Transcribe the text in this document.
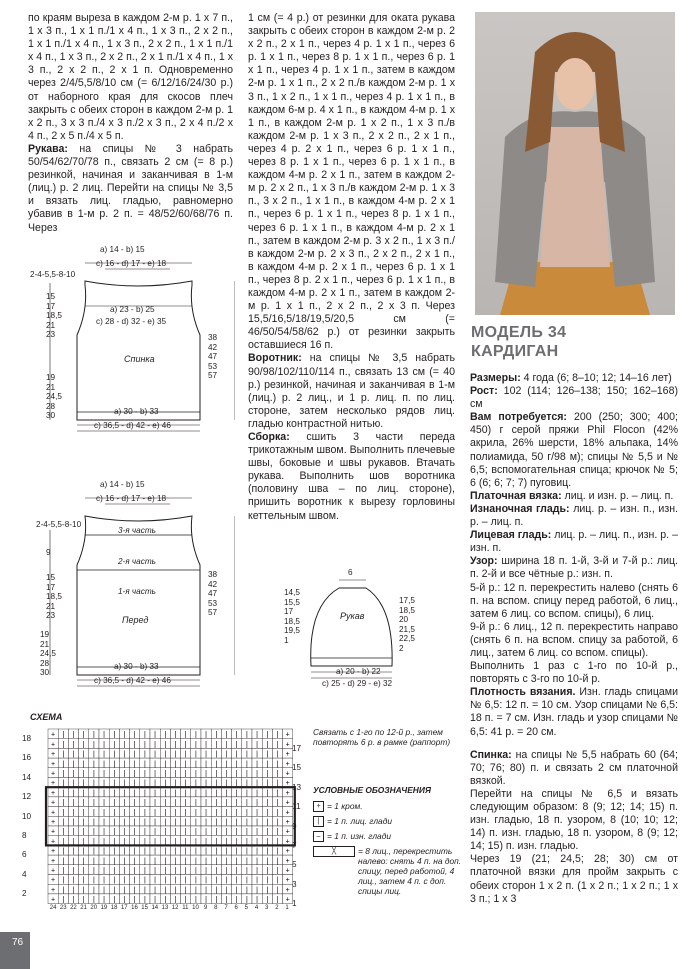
по краям выреза в каждом 2-м р. 1 х 7 п., 1 х 3 п., 1 х 1 п./1 х 4 п., 1 х 3 п., 2 х 2 п., 1 х 1 п./1 х 4 п., 1 х 3 п., 2 х 2 п., 1 х 1 п./1 х 4 п., 1 х 3 п., 2 х 2 п., 2 х 1 п./1 х 4 п., 1 х 3 п., 2 х 2 п., 2 х 1 п. Одновременно через 2/4/5,5/8/10 см (= 6/12/16/24/30 р.) от наборного края для скосов плеч закрыть с обеих сторон в каждом 2-м р. 1 х 2 п., 3 х 3 п./4 х 3 п./2 х 3 п., 2 х 4 п./2 х 4 п., 2 х 5 п./4 х 5 п.

Рукава: на спицы № 3 набрать 50/54/62/70/78 п., связать 2 см (= 8 р.) резинкой, начиная и заканчивая в 1-м (лиц.) р. 2 лиц. Перейти на спицы № 3,5 и вязать лиц. гладью, равномерно убавив в 1-м р. 2 п. = 48/52/60/68/76 п. Через

1 см (= 4 р.) от резинки для оката рукава закрыть с обеих сторон в каждом 2-м р. 2 х 2 п., 2 х 1 п., через 4 р. 1 х 1 п., через 6 р. 1 х 1 п., через 8 р. 1 х 1 п., через 6 р. 1 х 1 п., через 4 р. 1 х 1 п., затем в каждом 2-м р. 1 х 1 п., 2 х 2 п./в каждом 2-м р. 1 х 3 п., 1 х 2 п., 1 х 1 п., через 4 р. 1 х 1 п., в каждом 6-м р. 4 х 1 п., в каждом 4-м р. 1 х 1 п., в каждом 2-м р. 1 х 2 п., 1 х 3 п./в каждом 2-м р. 1 х 3 п., 2 х 2 п., 2 х 1 п., через 4 р. 2 х 1 п., через 6 р. 1 х 1 п., через 8 р. 1 х 1 п., через 6 р. 1 х 1 п., в каждом 4-м р. 2 х 1 п., затем в каждом 2-м р. 2 х 2 п., 1 х 3 п./в каждом 2-м р. 1 х 3 п., 3 х 2 п., 1 х 1 п., в каждом 4-м р. 2 х 1 п., через 6 р. 1 х 1 п., через 8 р. 1 х 1 п., через 6 р. 1 х 1 п., в каждом 4-м р. 2 х 1 п., затем в каждом 2-м р. 3 х 2 п., 1 х 3 п./в каждом 2-м р. 2 х 3 п., 2 х 2 п., 2 х 1 п., в каждом 4-м р. 2 х 1 п., через 6 р. 1 х 1 п., через 8 р. 2 х 1 п., через 6 р. 1 х 1 п., в каждом 4-м р. 2 х 1 п., затем в каждом 2-м р. 1 х 1 п., 2 х 2 п., 2 х 3 п. Через 15,5/16,5/18/19,5/20,5 см (= 46/50/54/58/62 р.) от резинки закрыть оставшиеся 16 п.

Воротник: на спицы № 3,5 набрать 90/98/102/110/114 п., связать 13 см (= 40 р.) резинкой, начиная и заканчивая в 1-м (лиц.) р. 2 лиц., и 1 р. лиц. п. по лиц. стороне, затем несколько рядов лиц. гладью контрастной нитью.

Сборка: сшить 3 части переда трикотажным швом. Выполнить плечевые швы, боковые и швы рукавов. Втачать рукава. Выполнить шов воротника (половину шва – по лиц. стороне), пришить воротник к вырезу горловины кеттельным швом.

МОДЕЛЬ 34
КАРДИГАН

Размеры: 4 года (6; 8–10; 12; 14–16 лет)

Рост: 102 (114; 126–138; 150; 162–168) см

Вам потребуется: 200 (250; 300; 400; 450) г серой пряжи Phil Flocon (42% акрила, 26% шерсти, 18% альпака, 14% полиамида, 50 г/98 м); спицы № 5,5 и № 6,5; вспомогательная спица; крючок № 5; 6 (6; 6; 7; 7) пуговиц.

Платочная вязка: лиц. и изн. р. – лиц. п.

Изнаночная гладь: лиц. р. – изн. п., изн. р. – лиц. п.

Лицевая гладь: лиц. р. – лиц. п., изн. р. – изн. п.

Узор: ширина 18 п. 1-й, 3-й и 7-й р.: лиц. п. 2-й и все чётные р.: изн. п.

5-й р.: 12 п. перекрестить налево (снять 6 п. на вспом. спицу перед работой, 6 лиц., затем 6 лиц. со вспом. спицы), 6 лиц.

9-й р.: 6 лиц., 12 п. перекрестить направо (снять 6 п. на вспом. спицу за работой, 6 лиц., затем 6 лиц. со вспом. спицы).

Выполнить 1 раз с 1-го по 10-й р., повторять с 3-го по 10-й р.

Плотность вязания. Изн. гладь спицами № 6,5: 12 п. = 10 см. Узор спицами № 6,5: 18 п. = 7 см. Изн. гладь и узор спицами № 6,5: 41 р. = 20 см.

Спинка: на спицы № 5,5 набрать 60 (64; 70; 76; 80) п. и связать 2 см платочной вязкой.

Перейти на спицы № 6,5 и вязать следующим образом: 8 (9; 12; 14; 15) п. изн. гладью, 18 п. узором, 8 (10; 10; 12; 14) п. изн. гладью, 18 п. узором, 8 (9; 12; 14; 15) п. изн. гладью.

Через 19 (21; 24,5; 28; 30) см от платочной вязки для пройм закрыть с обеих сторон 1 х 2 п. (1 х 2 п.; 1 х 2 п.; 1 х 3 п.; 1 х 3

а) 14 - b) 15
c) 16 - d) 17 - e) 18
а) 23 - b) 25
c) 28 - d) 32 - e) 35
Спинка
а) 30 - b) 33
c) 36,5 - d) 42 - e) 46
2-4-5,5-8-10
15
17
18,5
21
23
19
21
24,5
28
30
38
42
47
53
57
а) 14 - b) 15
c) 16 - d) 17 - e) 18
3-я часть
2-я часть
1-я часть
Перед
а) 30 - b) 33
c) 36,5 - d) 42 - e) 46
2-4-5,5-8-10
9
15
17
18,5
21
23
19
21
24,5
28
30
38
42
47
53
57
6
Рукав
14,5
15,5
17
18,5
19,5
1
17,5
18,5
20
21,5
22,5
2
а) 20 - b) 22
c) 25 - d) 29 - e) 32
СХЕМА
+ | | | | | | | | | | | | | | | | | | | | | | +
+ | | | | | | | | | | | | | | | | | | | | | | +
+ | | | | | | | | | | | | | | | | | | | | | | +
+ | | | | | | | | | | | | | | | | | | | | | | +
+ | | | | | | | | | | | | | | | | | | | | | | +
+ | | | | | | | | | | | | | | | | | | | | | | +
+ | | | | | | | | | | | | | | | | | | | | | | +
+ | | | | | | | | | | | | | | | | | | | | | | +
+ | | | | | | | | | | | | | | | | | | | | | | +
+ | | | | | | | | | | | | | | | | | | | | | | +
+ | | | | | | | | | | | | | | | | | | | | | | +
+ | | | | | | | | | | | | | | | | | | | | | | +
+ | | | | | | | | | | | | | | | | | | | | | | +
+ | | | | | | | | | | | | | | | | | | | | | | +
+ | | | | | | | | | | | | | | | | | | | | | | +
+ | | | | | | | | | | | | | | | | | | | | | | +
+ | | | | | | | | | | | | | | | | | | | | | | +
+ | | | | | | | | | | | | | | | | | | | | | | +
18
16
14
12
10
8
6
4
2
17
15
13
11
9
7
5
3
1
24 23 22 21 20 19 18 17 16 15 14 13 12 11 10 9	8	7	6	5	4	3	2	1
Связать с 1-го по 12-й р., затем повторять 6 р. в рамке (раппорт)
УСЛОВНЫЕ ОБОЗНАЧЕНИЯ
+ = 1 кром.
| = 1 п. лиц. глади
– = 1 п. изн. глади
╳	= 8 лиц., перекрестить налево: снять 4 п. на доп. спицу, перед работой, 4 лиц., затем 4 п. с доп. спицы лиц.
76
